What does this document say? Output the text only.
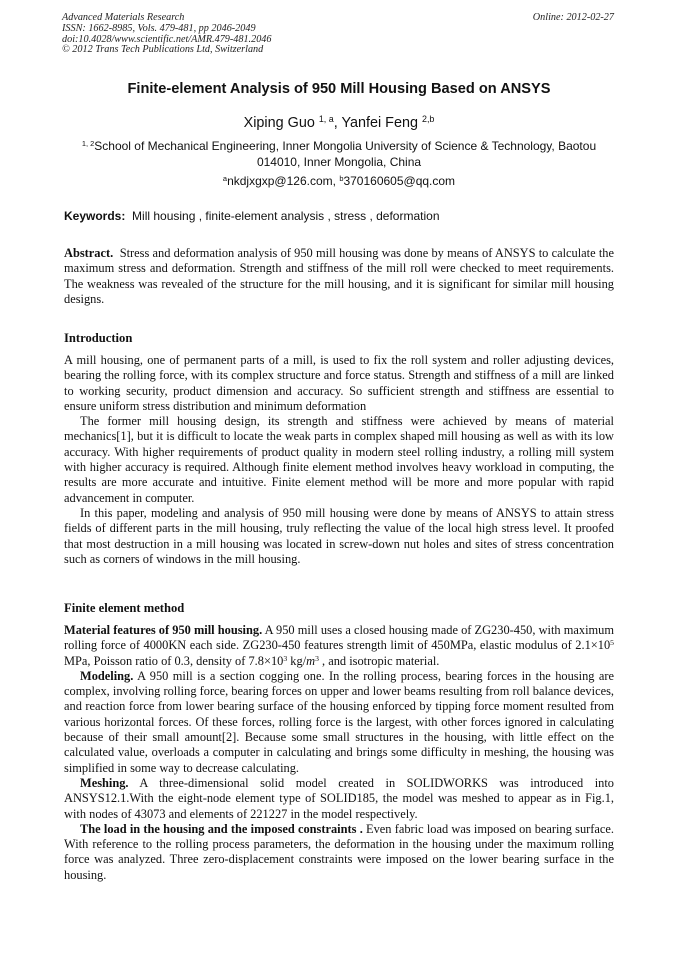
Advanced Materials Research
ISSN: 1662-8985, Vols. 479-481, pp 2046-2049
doi:10.4028/www.scientific.net/AMR.479-481.2046
© 2012 Trans Tech Publications Ltd, Switzerland
Online: 2012-02-27
Finite-element Analysis of 950 Mill Housing Based on ANSYS
Xiping Guo $^{1, a}$, Yanfei Feng $^{2,b}$
$^{1, 2}$School of Mechanical Engineering, Inner Mongolia University of Science & Technology, Baotou 014010, Inner Mongolia, China
$^a$nkdjxgxp@126.com, $^b$370160605@qq.com
Keywords: Mill housing , finite-element analysis , stress , deformation

Abstract. Stress and deformation analysis of 950 mill housing was done by means of ANSYS to calculate the maximum stress and deformation. Strength and stiffness of the mill roll were checked to meet requirements. The weakness was revealed of the structure for the mill housing, and it is significant for similar mill housing designs.

Introduction

A mill housing, one of permanent parts of a mill, is used to fix the roll system and roller adjusting devices, bearing the rolling force, with its complex structure and force status. Strength and stiffness of a mill are linked to working security, product dimension and accuracy. So sufficient strength and stiffness are essential to ensure uniform stress distribution and minimum deformation

The former mill housing design, its strength and stiffness were achieved by means of material mechanics[1], but it is difficult to locate the weak parts in complex shaped mill housing as well as with its low accuracy. With higher requirements of product quality in modern steel rolling industry, a rolling mill system with higher accuracy is required. Although finite element method involves heavy workload in computing, the results are more accurate and intuitive. Finite element method will be more and more popular with rapid advancement in computer.

In this paper, modeling and analysis of 950 mill housing were done by means of ANSYS to attain stress fields of different parts in the mill housing, truly reflecting the value of the local high stress level. It proofed that most destruction in a mill housing was located in screw-down nut holes and sites of stress concentration such as corners of windows in the mill housing.

Finite element method

Material features of 950 mill housing. A 950 mill uses a closed housing made of ZG230-450, with maximum rolling force of 4000KN each side. ZG230-450 features strength limit of 450MPa, elastic modulus of $2.1\times 10^5$ MPa, Poisson ratio of 0.3, density of $7.8\times 10^3$ $kg/m^3$ , and isotropic material.

Modeling. A 950 mill is a section cogging one. In the rolling process, bearing forces in the housing are complex, involving rolling force, bearing forces on upper and lower beams resulting from roll balance devices, and reaction force from lower bearing surface of the housing enforced by tipping force moment resulted from various horizontal forces. Of these forces, rolling force is the largest, with other forces ignored in calculating because of their small amount[2]. Because some small structures in the housing, with little effect on the calculated value, overloads a computer in calculating and brings some difficulty in meshing, the housing was simplified in some way to decrease calculating.

Meshing. A three-dimensional solid model created in SOLIDWORKS was introduced into ANSYS12.1.With the eight-node element type of SOLID185, the model was meshed to appear as in Fig.1, with nodes of 43073 and elements of 221227 in the model respectively.

The load in the housing and the imposed constraints . Even fabric load was imposed on bearing surface. With reference to the rolling process parameters, the deformation in the housing under the maximum rolling force was analyzed. Three zero-displacement constraints were imposed on the lower bearing surface in the housing.
